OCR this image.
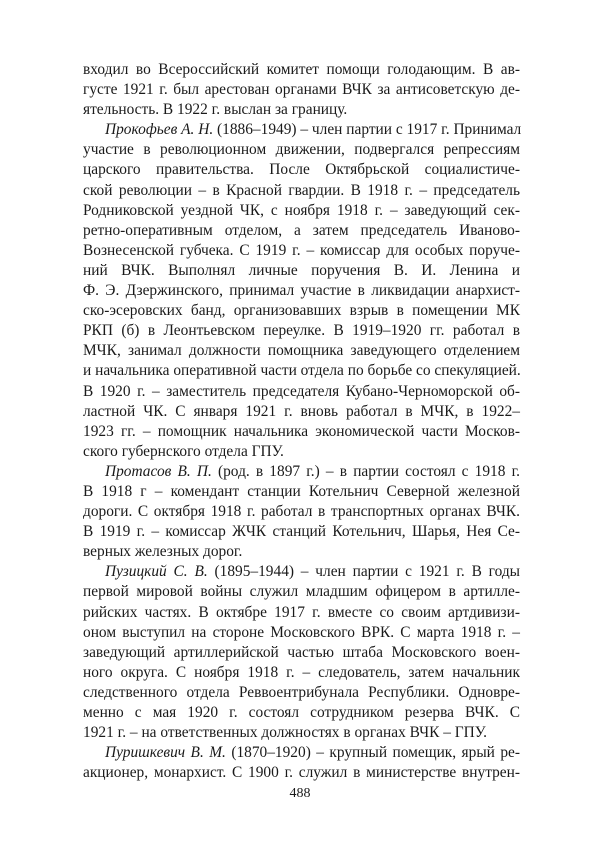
входил во Всероссийский комитет помощи голодающим. В ав-
густе 1921 г. был арестован органами ВЧК за антисоветскую де-
ятельность. В 1922 г. выслан за границу.
Прокофьев А. Н. (1886–1949) – член партии с 1917 г. Принимал
участие в революционном движении, подвергался репрессиям
царского правительства. После Октябрьской социалистиче-
ской революции – в Красной гвардии. В 1918 г. – председатель
Родниковской уездной ЧК, с ноября 1918 г. – заведующий сек-
ретно-оперативным отделом, а затем председатель Иваново-
Вознесенской губчека. С 1919 г. – комиссар для особых поруче-
ний ВЧК. Выполнял личные поручения В. И. Ленина и
Ф. Э. Дзержинского, принимал участие в ликвидации анархист-
ско-эсеровских банд, организовавших взрыв в помещении МК
РКП (б) в Леонтьевском переулке. В 1919–1920 гг. работал в
МЧК, занимал должности помощника заведующего отделением
и начальника оперативной части отдела по борьбе со спекуляцией.
В 1920 г. – заместитель председателя Кубано-Черноморской об-
ластной ЧК. С января 1921 г. вновь работал в МЧК, в 1922–
1923 гг. – помощник начальника экономической части Москов-
ского губернского отдела ГПУ.
Протасов В. П. (род. в 1897 г.) – в партии состоял с 1918 г.
В 1918 г – комендант станции Котельнич Северной железной
дороги. С октября 1918 г. работал в транспортных органах ВЧК.
В 1919 г. – комиссар ЖЧК станций Котельнич, Шарья, Нея Се-
верных железных дорог.
Пузицкий С. В. (1895–1944) – член партии с 1921 г. В годы
первой мировой войны служил младшим офицером в артилле-
рийских частях. В октябре 1917 г. вместе со своим артдивизи-
оном выступил на стороне Московского ВРК. С марта 1918 г. –
заведующий артиллерийской частью штаба Московского воен-
ного округа. С ноября 1918 г. – следователь, затем начальник
следственного отдела Реввоентрибунала Республики. Одновре-
менно с мая 1920 г. состоял сотрудником резерва ВЧК. С
1921 г. – на ответственных должностях в органах ВЧК – ГПУ.
Пуришкевич В. М. (1870–1920) – крупный помещик, ярый ре-
акционер, монархист. С 1900 г. служил в министерстве внутрен-
488
